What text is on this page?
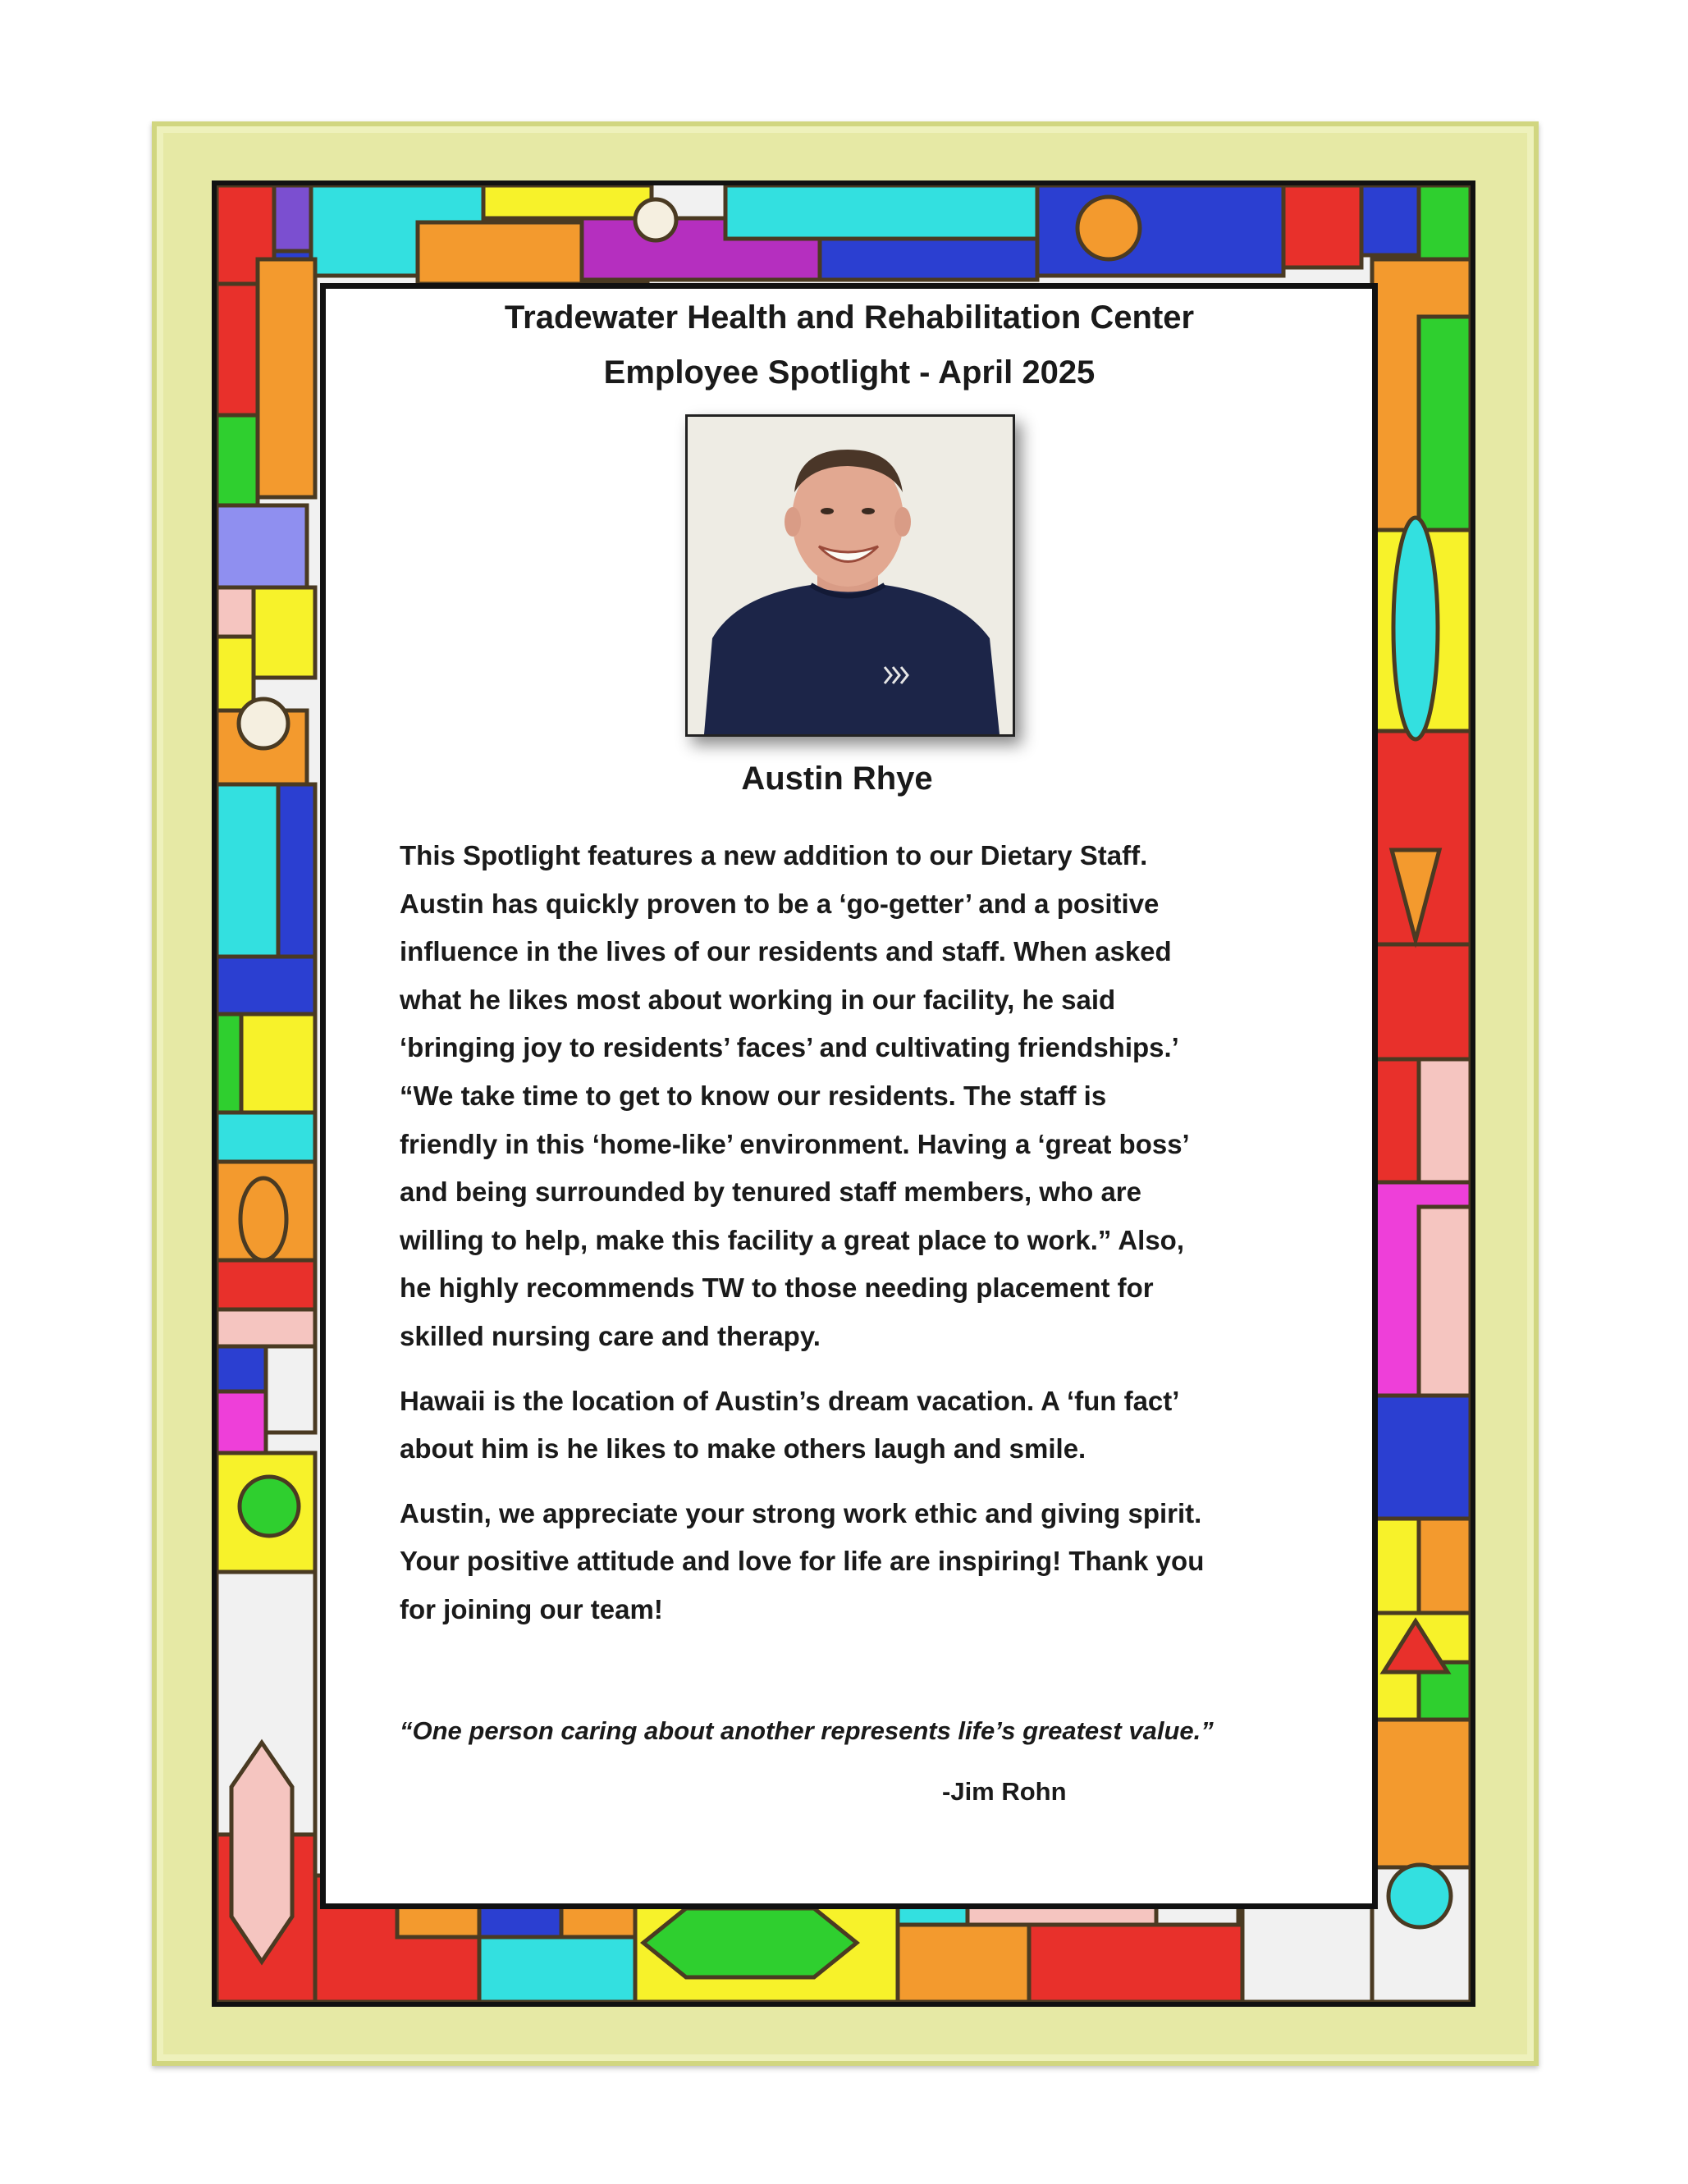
Tradewater Health and Rehabilitation Center
Employee Spotlight - April 2025
Austin Rhye

This Spotlight features a new addition to our Dietary Staff.
Austin has quickly proven to be a ‘go-getter’ and a positive
influence in the lives of our residents and staff. When asked
what he likes most about working in our facility, he said
‘bringing joy to residents’ faces’ and cultivating friendships.’
“We take time to get to know our residents. The staff is
friendly in this ‘home-like’ environment. Having a ‘great boss’
and being surrounded by tenured staff members, who are
willing to help, make this facility a great place to work.” Also,
he highly recommends TW to those needing placement for
skilled nursing care and therapy.

Hawaii is the location of Austin’s dream vacation. A ‘fun fact’
about him is he likes to make others laugh and smile.

Austin, we appreciate your strong work ethic and giving spirit.
Your positive attitude and love for life are inspiring! Thank you
for joining our team!

“One person caring about another represents life’s greatest value.”
-Jim Rohn
